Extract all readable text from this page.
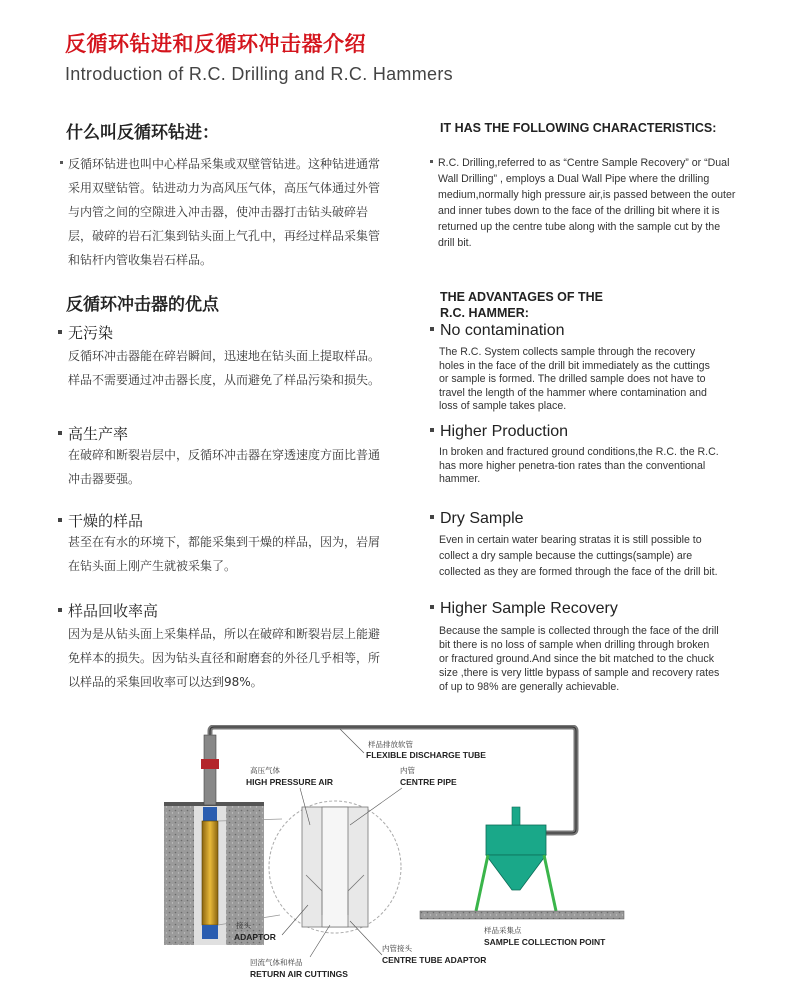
反循环钻进和反循环冲击器介绍
Introduction of R.C. Drilling and R.C. Hammers
什么叫反循环钻进：	IT HAS THE FOLLOWING CHARACTERISTICS:
反循环钻进也叫中心样品采集或双壁管钻进。这种钻进通常
采用双壁钻管。钻进动力为高风压气体，高压气体通过外管
与内管之间的空隙进入冲击器，使冲击器打击钻头破碎岩
层，破碎的岩石汇集到钻头面上气孔中，再经过样品采集管
和钻杆内管收集岩石样品。
R.C. Drilling,referred to as “Centre Sample Recovery” or “Dual
Wall Drilling” , employs a Dual Wall Pipe where the drilling
medium,normally high pressure air,is passed between the outer
and inner tubes down to the face of the drilling bit where it is
returned up the centre tube along with the sample cut by the
drill bit.
反循环冲击器的优点	THE ADVANTAGES OF THE
R.C. HAMMER:
无污染	No contamination
反循环冲击器能在碎岩瞬间，迅速地在钻头面上提取样品。
样品不需要通过冲击器长度，从而避免了样品污染和损失。
The R.C. System collects sample through the recovery
holes in the face of the drill bit immediately as the cuttings
or sample is formed. The drilled sample does not have to
travel the length of the hammer where contamination and
loss of sample takes place.
高生产率	Higher Production
在破碎和断裂岩层中，反循环冲击器在穿透速度方面比普通
冲击器要强。
In broken and fractured ground conditions,the R.C. the R.C.
has more higher penetra-tion rates than the conventional
hammer.
干燥的样品	Dry Sample
甚至在有水的环境下，都能采集到干燥的样品，因为，岩屑
在钻头面上刚产生就被采集了。
Even in certain water bearing stratas it is still possible to
collect a dry sample because the cuttings(sample) are
collected as they are formed through the face of the drill bit.
样品回收率高	Higher Sample Recovery
因为是从钻头面上采集样品，所以在破碎和断裂岩层上能避
免样本的损失。因为钻头直径和耐磨套的外径几乎相等，所
以样品的采集回收率可以达到98%。
Because the sample is collected through the face of the drill
bit there is no loss of sample when drilling through broken
or fractured ground.And since the bit matched to the chuck
size ,there is very little bypass of sample and recovery rates
of up to 98% are generally achievable.
样品排放软管
FLEXIBLE DISCHARGE TUBE
高压气体
HIGH PRESSURE AIR
内管
CENTRE PIPE
接头
ADAPTOR
回流气体和样品
RETURN AIR CUTTINGS
内管接头
CENTRE TUBE ADAPTOR
样品采集点
SAMPLE COLLECTION POINT
